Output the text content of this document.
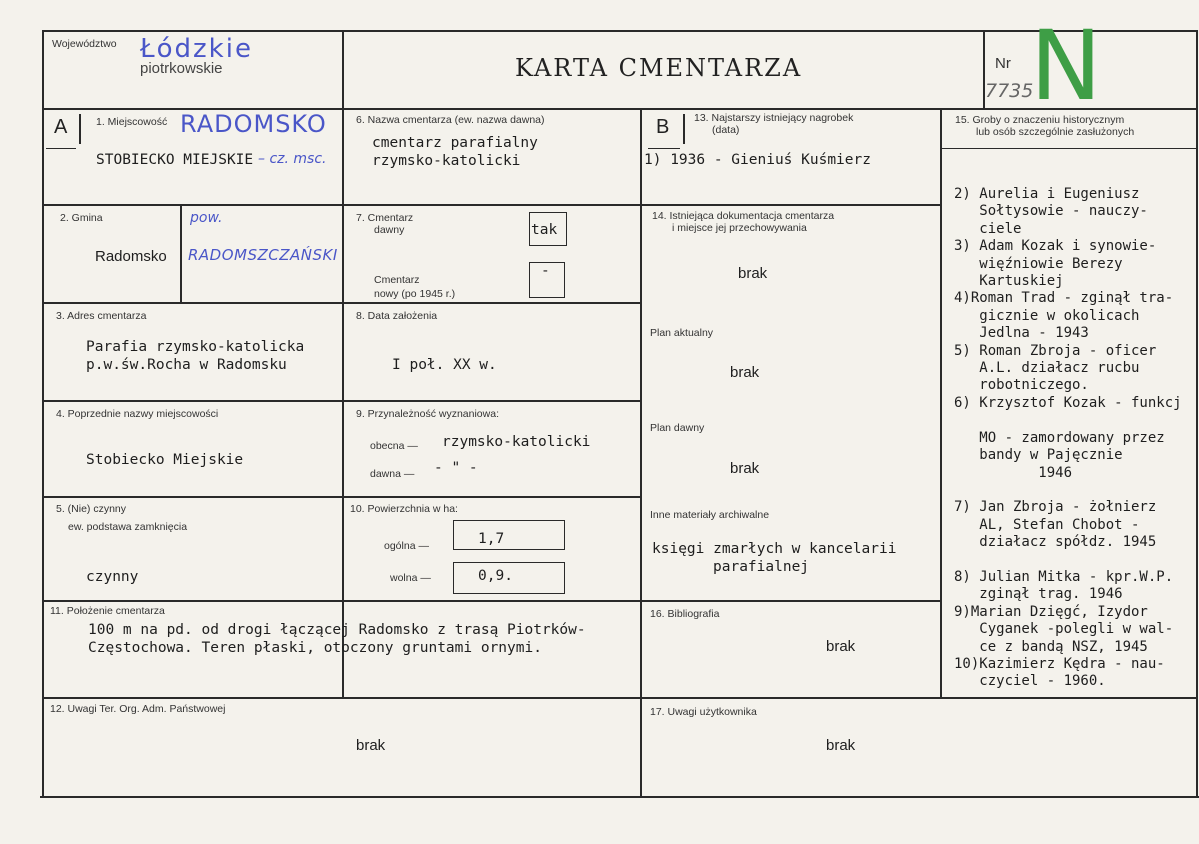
Województwo Łódzkie
piotrkowskie	KARTA CMENTARZA	Nr
7735
N
A	1. Miejscowość RADOMSKO
STOBIECKO MIEJSKIE – cz. msc.
2. Gmina
Radomsko
pow.
RADOMSZCZAŃSKI
3. Adres cmentarza
Parafia rzymsko-katolicka
p.w.św.Rocha w Radomsku
4. Poprzednie nazwy miejscowości
Stobiecko Miejskie
5. (Nie) czynny
ew. podstawa zamknięcia
czynny
6. Nazwa cmentarza (ew. nazwa dawna)
cmentarz parafialny
rzymsko-katolicki
7. Cmentarz
dawny	tak
Cmentarz
nowy (po 1945 r.)
-
8. Data założenia
I poł. XX w.
9. Przynależność wyznaniowa:
obecna — rzymsko-katolicki
dawna — - " -
10. Powierzchnia w ha:
ogólna —	1,7
wolna —	0,9.
11. Położenie cmentarza
100 m na pd. od drogi łączącej Radomsko z trasą Piotrków-
Częstochowa. Teren płaski, otoczony gruntami ornymi.
12. Uwagi Ter. Org. Adm. Państwowej
brak
B 13. Najstarszy istniejący nagrobek
(data)
1) 1936 - Gieniuś Kuśmierz
14. Istniejąca dokumentacja cmentarza
i miejsce jej przechowywania
brak
Plan aktualny
brak
Plan dawny
brak
Inne materiały archiwalne
księgi zmarłych w kancelarii
parafialnej
15. Groby o znaczeniu historycznym
lub osób szczególnie zasłużonych
2) Aurelia i Eugeniusz
Sołtysowie - nauczy-
ciele
3) Adam Kozak i synowie-
więźniowie Berezy
Kartuskiej
4)Roman Trad - zginął tra-
gicznie w okolicach
Jedlna - 1943
5) Roman Zbroja - oficer
A.L. działacz rucbu
robotniczego.
6) Krzysztof Kozak - funkcj

MO - zamordowany przez
bandy w Pajęcznie
1946

7) Jan Zbroja - żołnierz
AL, Stefan Chobot -
działacz spółdz. 1945

8) Julian Mitka - kpr.W.P.
zginął trag. 1946
9)Marian Dzięgć, Izydor
Cyganek -polegli w wal-
ce z bandą NSZ, 1945
10)Kazimierz Kędra - nau-
czyciel - 1960.
16. Bibliografia
brak
17. Uwagi użytkownika
brak
